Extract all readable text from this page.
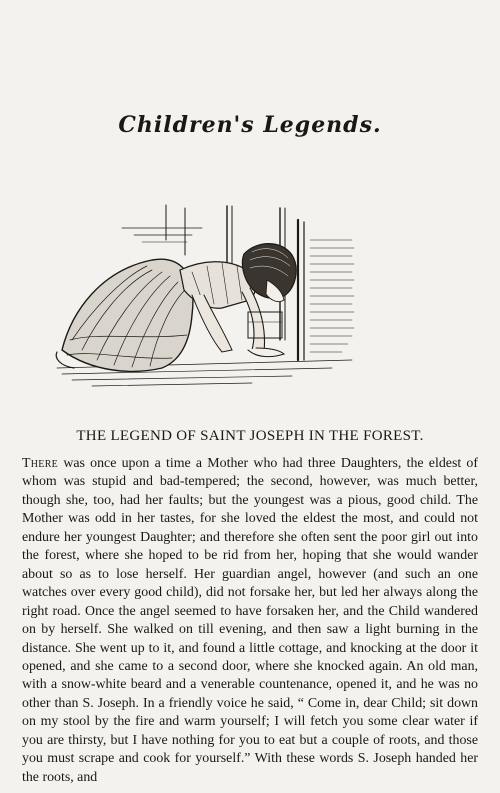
Children's Legends.
THE LEGEND OF SAINT JOSEPH IN THE FOREST.
There was once upon a time a Mother who had three Daughters, the eldest of whom was stupid and bad-tempered; the second, however, was much better, though she, too, had her faults; but the youngest was a pious, good child. The Mother was odd in her tastes, for she loved the eldest the most, and could not endure her youngest Daughter; and therefore she often sent the poor girl out into the forest, where she hoped to be rid from her, hoping that she would wander about so as to lose herself. Her guardian angel, however (and such an one watches over every good child), did not forsake her, but led her always along the right road. Once the angel seemed to have forsaken her, and the Child wandered on by herself. She walked on till evening, and then saw a light burning in the distance. She went up to it, and found a little cottage, and knocking at the door it opened, and she came to a second door, where she knocked again. An old man, with a snow-white beard and a venerable countenance, opened it, and he was no other than S. Joseph. In a friendly voice he said, “ Come in, dear Child; sit down on my stool by the fire and warm yourself; I will fetch you some clear water if you are thirsty, but I have nothing for you to eat but a couple of roots, and those you must scrape and cook for yourself.” With these words S. Joseph handed her the roots, and
